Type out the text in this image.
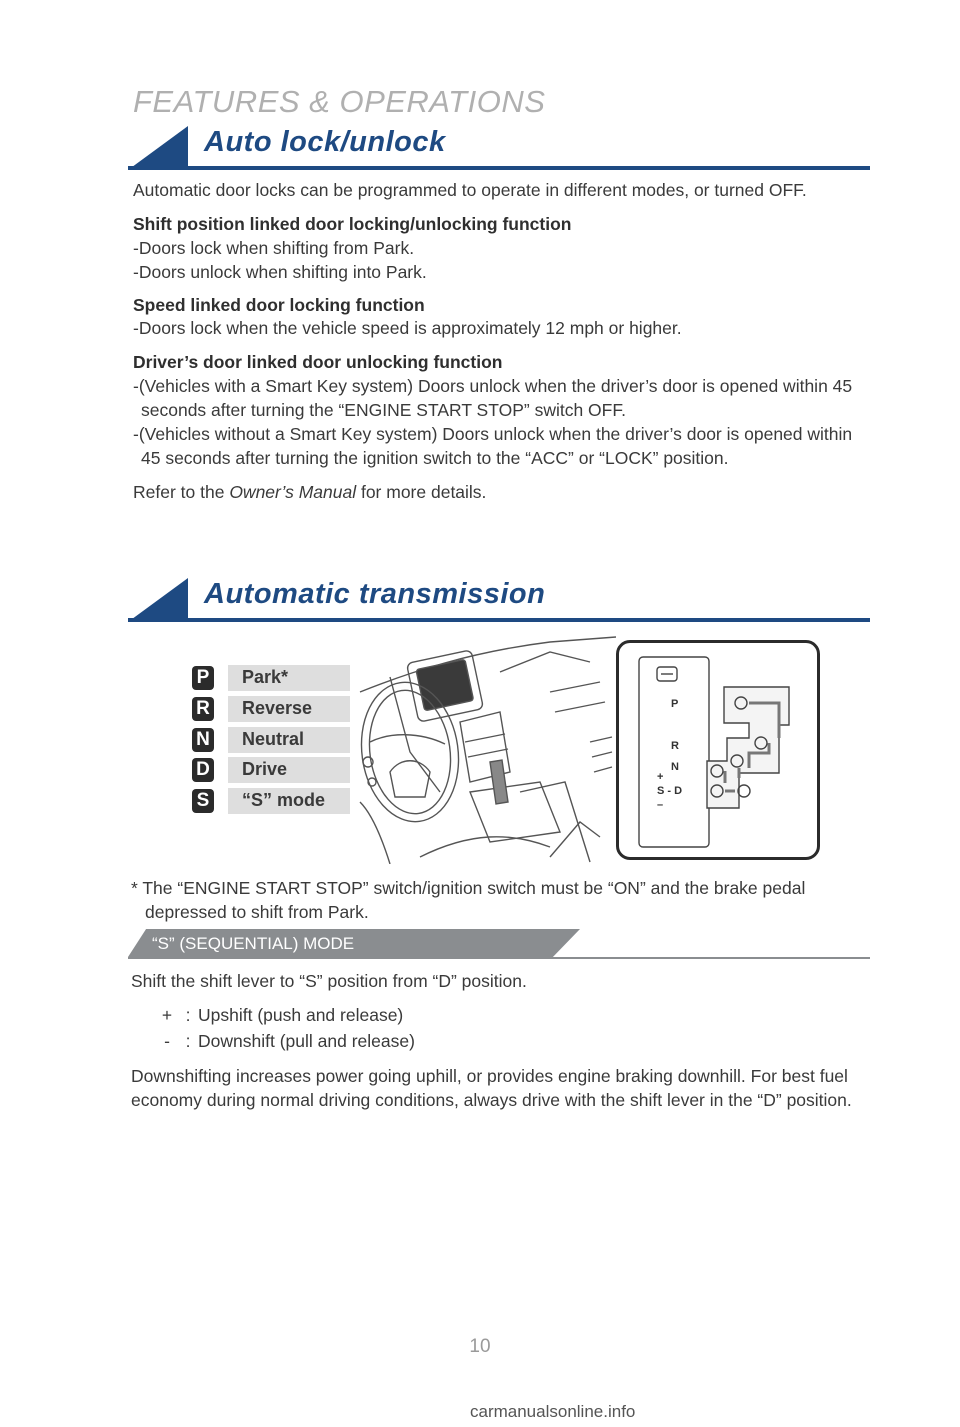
FEATURES & OPERATIONS
Auto lock/unlock

Automatic door locks can be programmed to operate in different modes, or turned OFF.

Shift position linked door locking/unlocking function

-Doors lock when shifting from Park.

-Doors unlock when shifting into Park.

Speed linked door locking function

-Doors lock when the vehicle speed is approximately 12 mph or higher.

Driver’s door linked door unlocking function

-(Vehicles with a Smart Key system) Doors unlock when the driver’s door is opened within 45 seconds after turning the “ENGINE START STOP” switch OFF.

-(Vehicles without a Smart Key system) Doors unlock when the driver’s door is opened within 45 seconds after turning the ignition switch to the “ACC” or “LOCK” position.

Refer to the Owner’s Manual for more details.

Automatic transmission
P Park*
R Reverse
N Neutral
D Drive
S “S” mode
P
R
N
+
S - D
–

* The “ENGINE START STOP” switch/ignition switch must be “ON” and the brake pedal depressed to shift from Park.

“S” (SEQUENTIAL) MODE

Shift the shift lever to “S” position from “D” position.

+ : Upshift (push and release)
- : Downshift (pull and release)

Downshifting increases power going uphill, or provides engine braking downhill. For best fuel economy during normal driving conditions, always drive with the shift lever in the “D” position.

10
carmanualsonline.info
